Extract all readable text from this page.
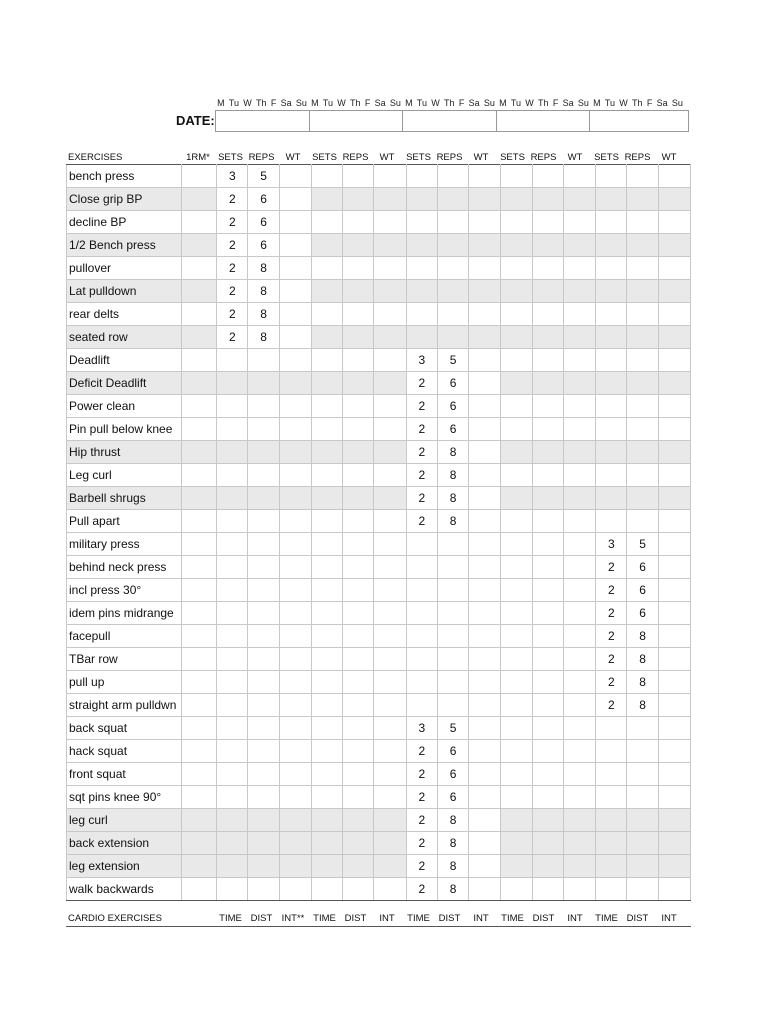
M Tu W Th F Sa Su M Tu W Th F Sa Su M Tu W Th F Sa Su M Tu W Th F Sa Su M Tu W Th F Sa Su
DATE:
EXERCISES	1RM* SETS REPS	WT	SETS REPS	WT	SETS REPS	WT	SETS REPS	WT	SETS REPS	WT
bench press		3	5													
Close grip BP		2	6													
decline BP		2	6													
1/2 Bench press		2	6													
pullover		2	8													
Lat pulldown		2	8													
rear delts		2	8													
seated row		2	8													
Deadlift								3	5							
Deficit Deadlift								2	6							
Power clean								2	6							
Pin pull below knee								2	6							
Hip thrust								2	8							
Leg curl								2	8							
Barbell shrugs								2	8							
Pull apart								2	8							
military press														3	5	
behind neck press														2	6	
incl press 30°														2	6	
idem pins midrange														2	6	
facepull														2	8	
TBar row														2	8	
pull up														2	8	
straight arm pulldwn														2	8	
back squat								3	5							
hack squat								2	6							
front squat								2	6							
sqt pins knee 90°								2	6							
leg curl								2	8							
back extension								2	8							
leg extension								2	8							
walk backwards								2	8							
CARDIO EXERCISES	TIME DIST INT** TIME DIST	INT	TIME DIST	INT	TIME DIST	INT	TIME DIST	INT
